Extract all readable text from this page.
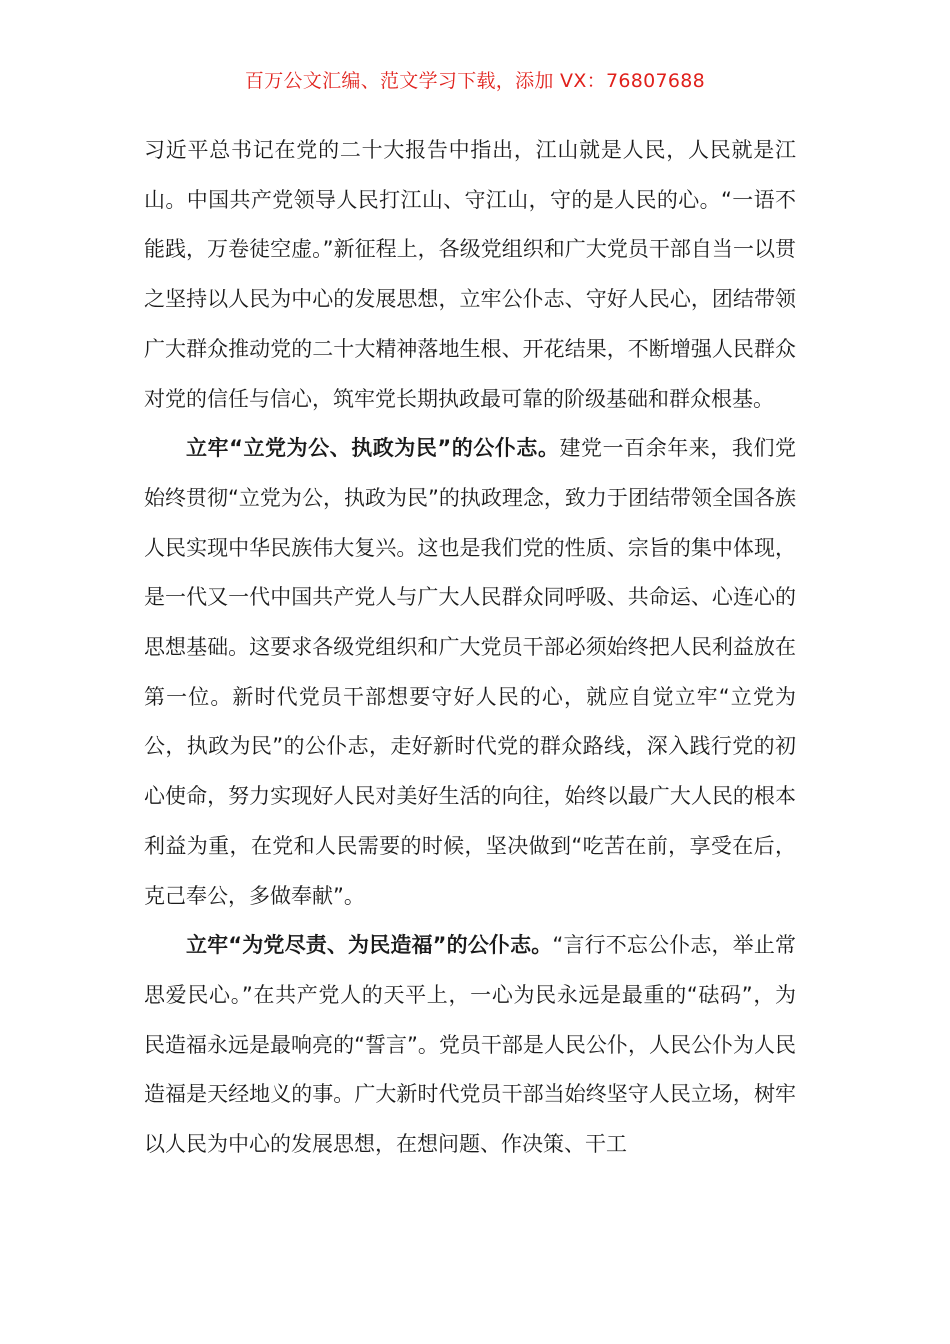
百万公文汇编、范文学习下载，添加 VX：76807688

习近平总书记在党的二十大报告中指出，江山就是人民，人民就是江山。中国共产党领导人民打江山、守江山，守的是人民的心。“一语不能践，万卷徒空虚。”新征程上，各级党组织和广大党员干部自当一以贯之坚持以人民为中心的发展思想，立牢公仆志、守好人民心，团结带领广大群众推动党的二十大精神落地生根、开花结果，不断增强人民群众对党的信任与信心，筑牢党长期执政最可靠的阶级基础和群众根基。

立牢“立党为公、执政为民”的公仆志。建党一百余年来，我们党始终贯彻“立党为公，执政为民”的执政理念，致力于团结带领全国各族人民实现中华民族伟大复兴。这也是我们党的性质、宗旨的集中体现，是一代又一代中国共产党人与广大人民群众同呼吸、共命运、心连心的思想基础。这要求各级党组织和广大党员干部必须始终把人民利益放在第一位。新时代党员干部想要守好人民的心，就应自觉立牢“立党为公，执政为民”的公仆志，走好新时代党的群众路线，深入践行党的初心使命，努力实现好人民对美好生活的向往，始终以最广大人民的根本利益为重，在党和人民需要的时候，坚决做到“吃苦在前，享受在后，克己奉公，多做奉献”。

立牢“为党尽责、为民造福”的公仆志。“言行不忘公仆志，举止常思爱民心。”在共产党人的天平上，一心为民永远是最重的“砝码”，为民造福永远是最响亮的“誓言”。党员干部是人民公仆，人民公仆为人民造福是天经地义的事。广大新时代党员干部当始终坚守人民立场，树牢以人民为中心的发展思想，在想问题、作决策、干工
